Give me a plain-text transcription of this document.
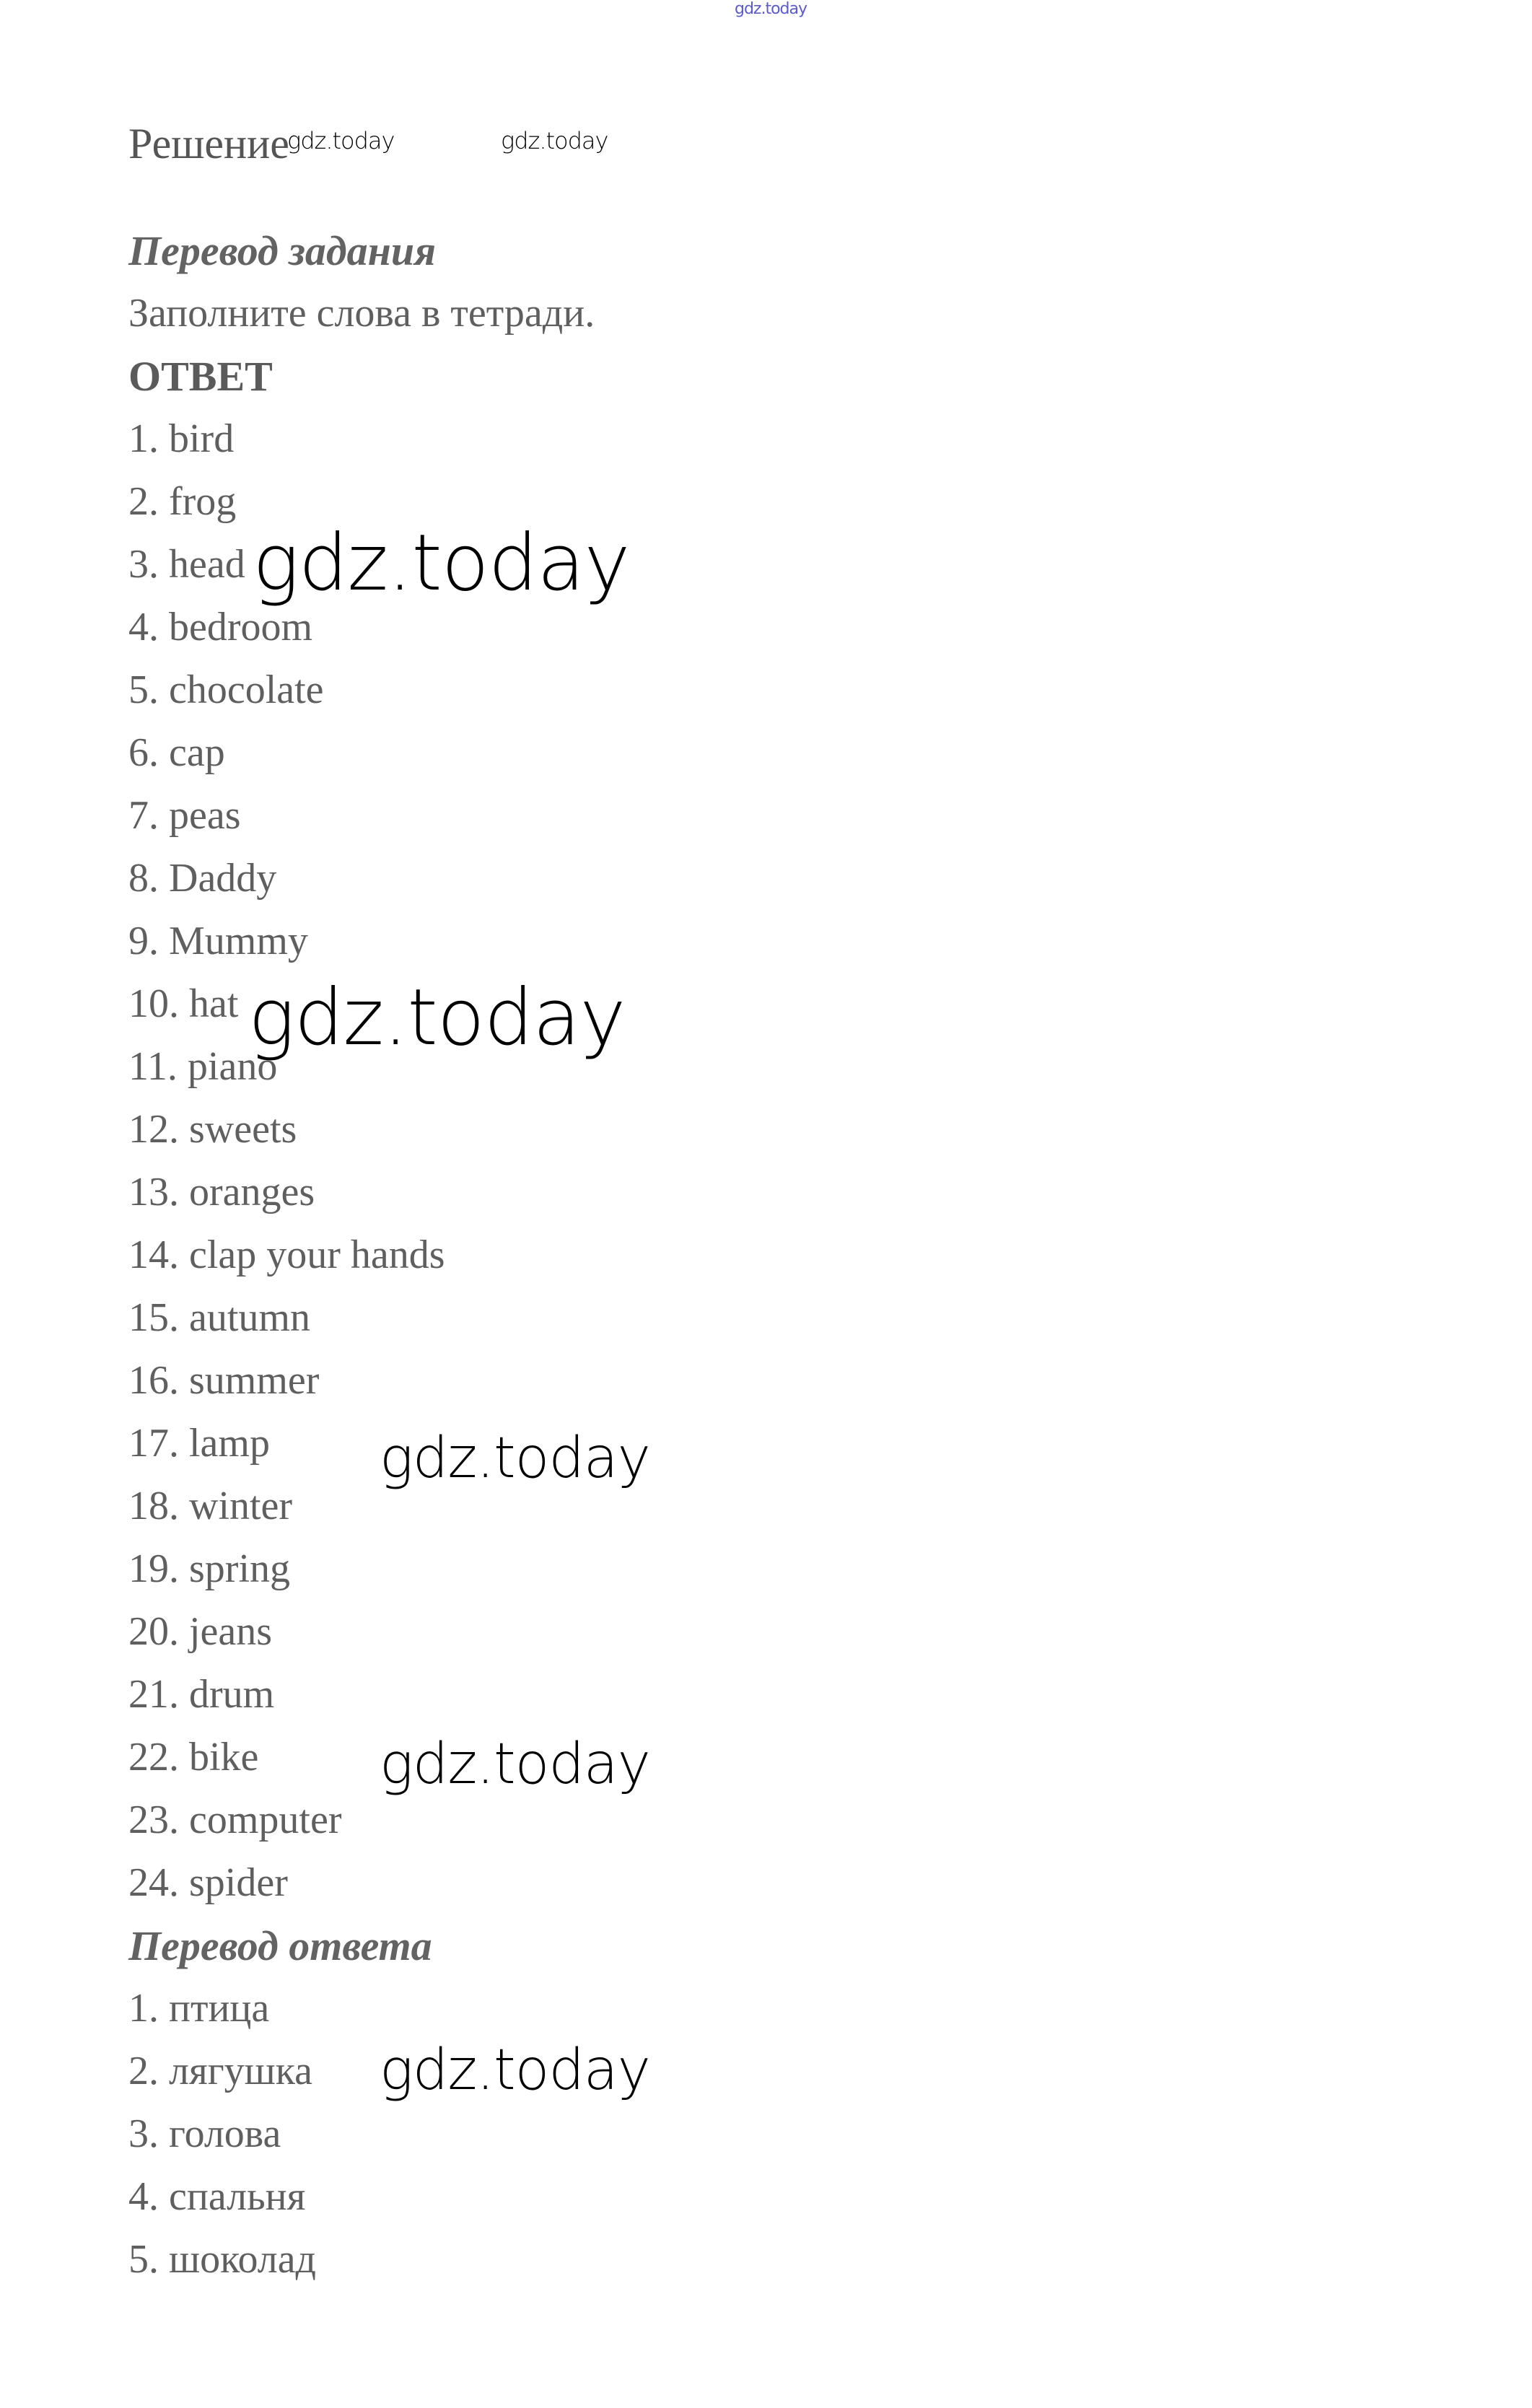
gdz.today
Решение

Перевод задания

Заполните слова в тетради.

ОТВЕТ

1. bird
2. frog
3. head
4. bedroom
5. chocolate
6. cap
7. peas
8. Daddy
9. Mummy
10. hat
11. piano
12. sweets
13. oranges
14. clap your hands
15. autumn
16. summer
17. lamp
18. winter
19. spring
20. jeans
21. drum
22. bike
23. computer
24. spider

Перевод ответа

1. птица
2. лягушка
3. голова
4. спальня
5. шоколад
gdz.today	gdz.today
gdz.today
gdz.today
gdz.today
gdz.today
gdz.today
